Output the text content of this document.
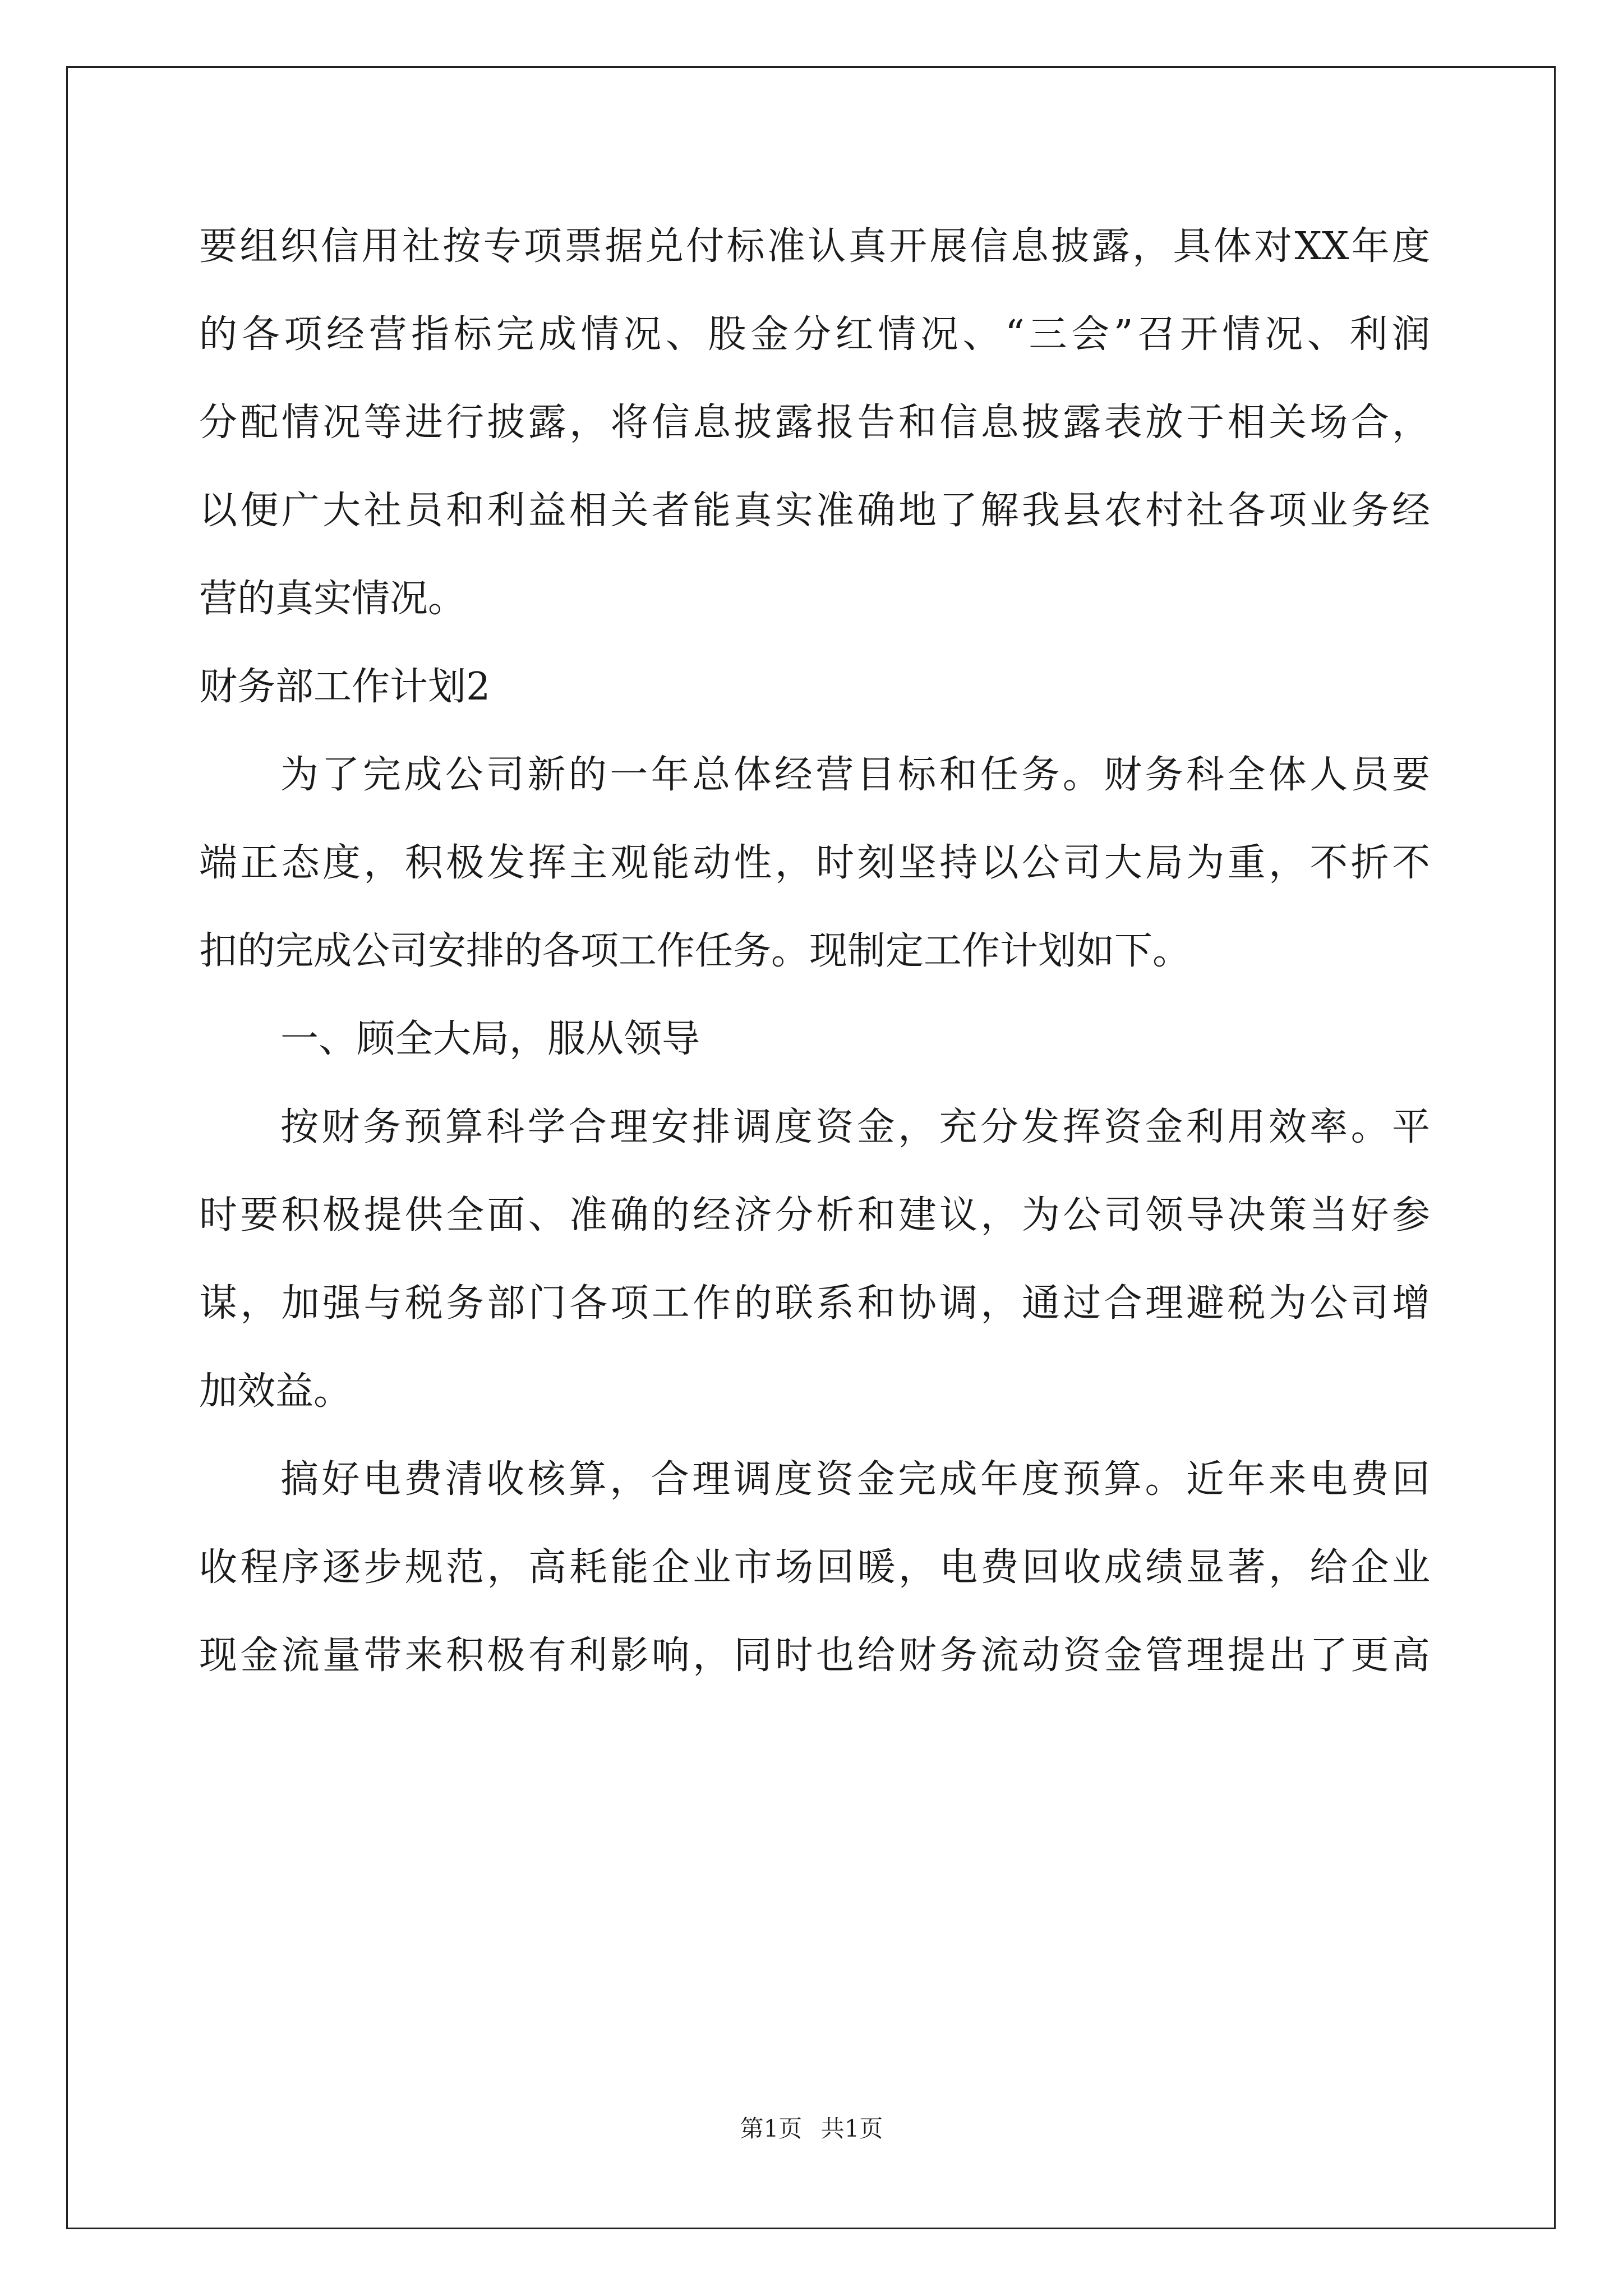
要组织信用社按专项票据兑付标准认真开展信息披露，具体对XX年度
的各项经营指标完成情况、股金分红情况、“三会”召开情况、利润
分配情况等进行披露，将信息披露报告和信息披露表放于相关场合，
以便广大社员和利益相关者能真实准确地了解我县农村社各项业务经
营的真实情况。
财务部工作计划2
为了完成公司新的一年总体经营目标和任务。财务科全体人员要
端正态度，积极发挥主观能动性，时刻坚持以公司大局为重，不折不
扣的完成公司安排的各项工作任务。现制定工作计划如下。
一、顾全大局，服从领导
按财务预算科学合理安排调度资金，充分发挥资金利用效率。平
时要积极提供全面、准确的经济分析和建议，为公司领导决策当好参
谋，加强与税务部门各项工作的联系和协调，通过合理避税为公司增
加效益。
搞好电费清收核算，合理调度资金完成年度预算。近年来电费回
收程序逐步规范，高耗能企业市场回暖，电费回收成绩显著，给企业
现金流量带来积极有利影响，同时也给财务流动资金管理提出了更高
第1页 共1页
